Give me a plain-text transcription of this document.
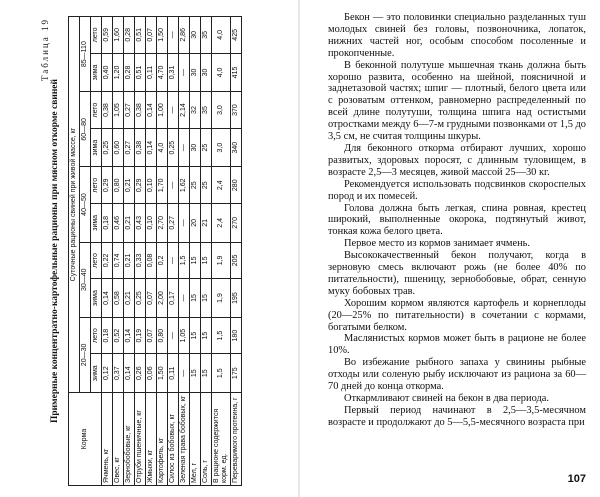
Таблица 19
Примерные концентратно-картофельные рационы при мясном откорме свиней
Корма	Суточные рационы свиней при живой массе, кг									
	20—30		30—40		40—50		60—80		85—110	
	зима	лето	зима	лето	зима	лето	зима	лето	зима	лето
Ячмень, кг	0,12	0,18	0,14	0,22	0,18	0,29	0,25	0,38	0,40	0,59
Овес, кг	0,37	0,52	0,58	0,74	0,46	0,80	0,60	1,05	1,20	1,60
Зернобобовые, кг	0,14	0,14	0,21	0,21	0,21	0,21	0,27	0,27	0,28	0,28
Отруби пшеничные, кг	0,26	0,19	0,25	0,33	0,43	0,29	0,38	0,38	0,51	0,51
Жмыхи, кг	0,06	0,07	0,07	0,08	0,10	0,10	0,14	0,14	0,11	0,07
Картофель, кг	1,50	0,80	2,00	0,2	2,70	1,70	4,0	1,00	4,70	1,50
Силос из бобовых, кг	0,11	—	0,17	—	0,27	—	0,25	—	0,31	—
Зеленая трава бобовых, кг	—	1,05	—	1,5	—	1,62	—	2,14	—	2,86
Мел, г	15	15	15	15	20	25	30	32	30	30
Соль, г	15	15	15	15	21	25	25	35	30	35
В рационе содержится корм. ед.	1,5	1,5	1,9	1,9	2,4	2,4	3,0	3,0	4,0	4,0
Переваримого протеина, г	175	180	195	205	270	280	340	370	415	425

Бекон — это половинки специально разделанных туш молодых свиней без головы, позвоночника, лопаток, нижних частей ног, особым способом посоленные и прокопченные.

В беконной полутуше мышечная ткань должна быть хорошо развита, особенно на шейной, поясничной и заднетазовой частях; шпиг — плотный, белого цвета или с розоватым оттенком, равномерно распределенный по всей длине полутуши, толщина шпига над остистыми отростками между 6—7-м грудными позвонками от 1,5 до 3,5 см, не считая толщины шкуры.

Для беконного откорма отбирают лучших, хорошо развитых, здоровых поросят, с длинным туловищем, в возрасте 2,5—3 месяцев, живой массой 25—30 кг.

Рекомендуется использовать подсвинков скороспелых пород и их помесей.

Голова должна быть легкая, спина ровная, крестец широкий, выполненные окорока, подтянутый живот, тонкая кожа белого цвета.

Первое место из кормов занимает ячмень.

Высококачественный бекон получают, когда в зерновую смесь включают рожь (не более 40% по питательности), пшеницу, зернобобовые, обрат, сенную муку бобовых трав.

Хорошим кормом являются картофель и корнеплоды (20—25% по питательности) в сочетании с кормами, богатыми белком.

Маслянистых кормов может быть в рационе не более 10%.

Во избежание рыбного запаха у свинины рыбные отходы или соленую рыбу исключают из рациона за 60—70 дней до конца откорма.

Откармливают свиней на бекон в два периода.

Первый период начинают в 2,5—3,5-месячном возрасте и продолжают до 5—5,5-месячного возраста при

107
